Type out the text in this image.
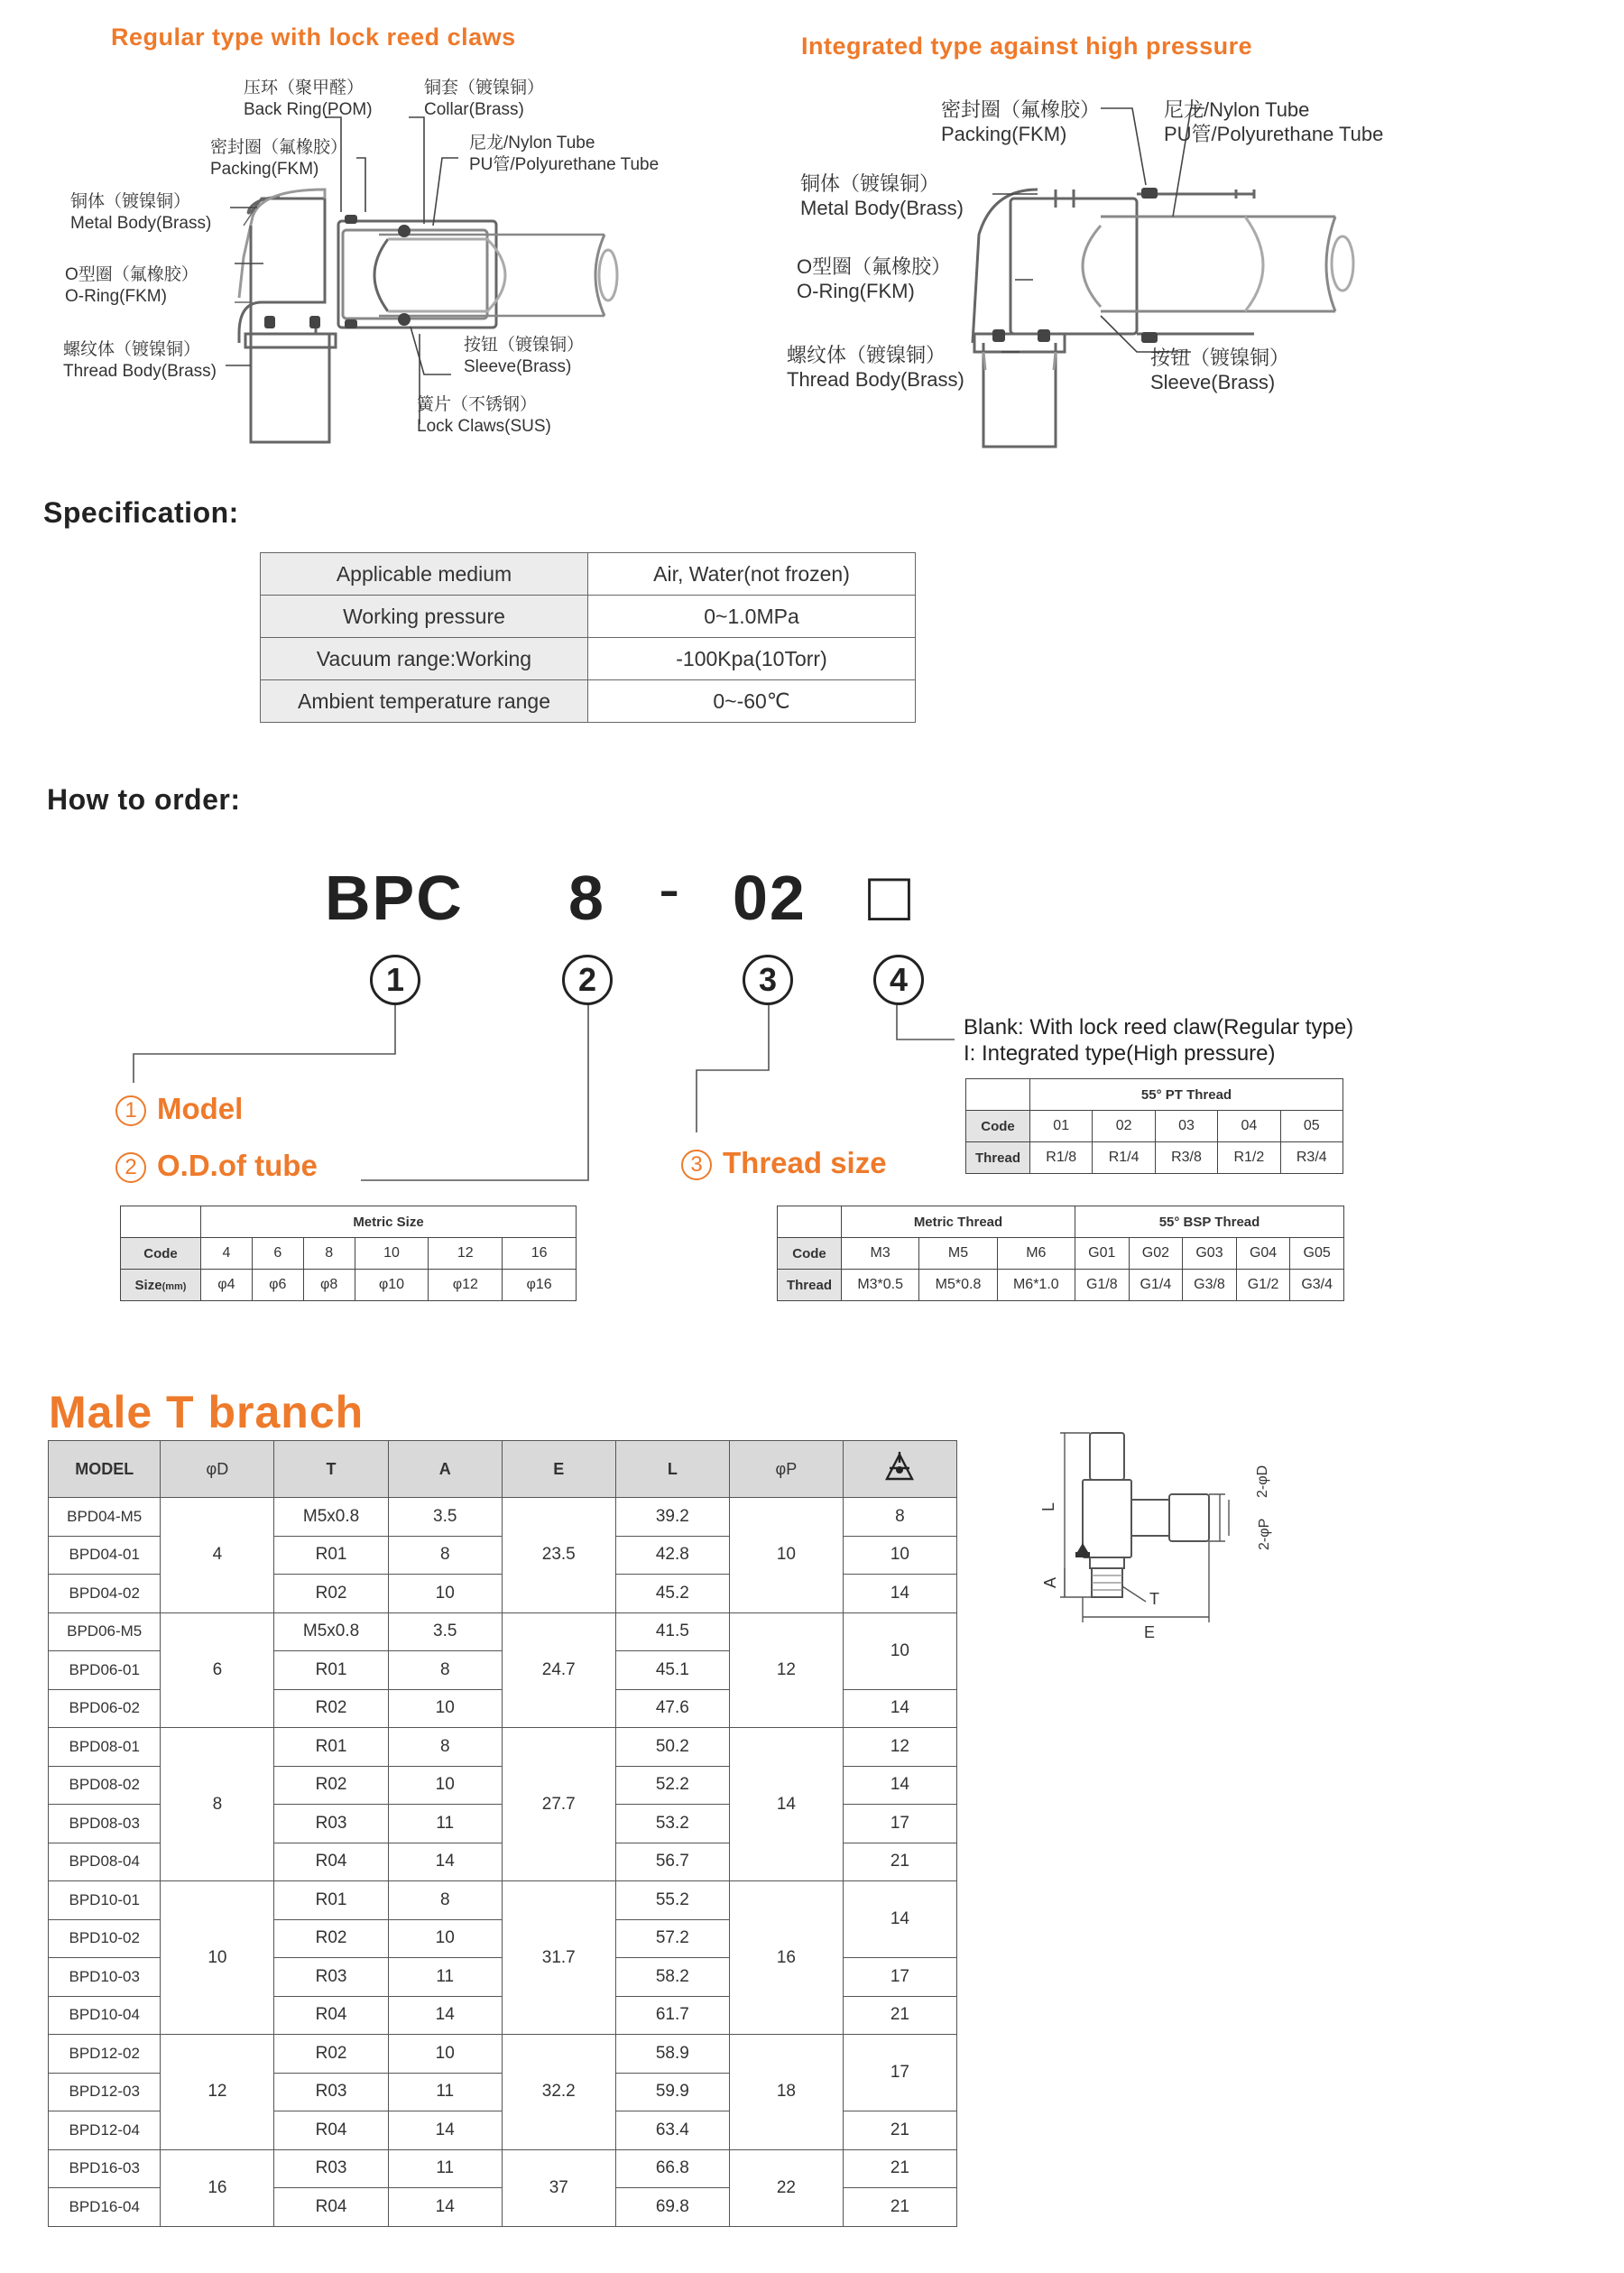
Regular type with lock reed claws
压环（聚甲醛）
Back Ring(POM)
铜套（镀镍铜）
Collar(Brass)
密封圈（氟橡胶）
Packing(FKM)
尼龙/Nylon Tube
PU管/Polyurethane Tube
铜体（镀镍铜）
Metal Body(Brass)
O型圈（氟橡胶）
O-Ring(FKM)
螺纹体（镀镍铜）
Thread Body(Brass)
按钮（镀镍铜）
Sleeve(Brass)
簧片（不锈钢）
Lock Claws(SUS)
Integrated type against high pressure
密封圈（氟橡胶）
Packing(FKM)
尼龙/Nylon Tube
PU管/Polyurethane Tube
铜体（镀镍铜）
Metal Body(Brass)
O型圈（氟橡胶）
O-Ring(FKM)
螺纹体（镀镍铜）
Thread Body(Brass)
按钮（镀镍铜）
Sleeve(Brass)
Specification:
Applicable medium	Air, Water(not frozen)
Working pressure	0~1.0MPa
Vacuum range:Working	-100Kpa(10Torr)
Ambient temperature range	0~-60℃
How to order:
BPC 8 - 02 □
1	2	3	4
Blank: With lock reed claw(Regular type)
I: Integrated type(High pressure)
1 Model
2 O.D.of tube	3 Thread size
	55° PT Thread				
Code	01	02	03	04	05
Thread	R1/8	R1/4	R3/8	R1/2	R3/4
	Metric Size					
Code	4	6	8	10	12	16
Size(mm)	φ4	φ6	φ8	φ10	φ12	φ16
	Metric Thread			55° BSP Thread				
Code	M3	M5	M6	G01	G02	G03	G04	G05
Thread	M3*0.5	M5*0.8	M6*1.0	G1/8	G1/4	G3/8	G1/2	G3/4
Male T branch
MODEL	φD	T	A	E	L	φP	
BPD04-M5	4	M5x0.8	3.5	23.5	39.2	10	8
BPD04-01		R01	8		42.8		10
BPD04-02		R02	10		45.2		14
BPD06-M5	6	M5x0.8	3.5	24.7	41.5	12	10
BPD06-01		R01	8		45.1		
BPD06-02		R02	10		47.6		14
BPD08-01	8	R01	8	27.7	50.2	14	12
BPD08-02		R02	10		52.2		14
BPD08-03		R03	11		53.2		17
BPD08-04		R04	14		56.7		21
BPD10-01	10	R01	8	31.7	55.2	16	14
BPD10-02		R02	10		57.2		
BPD10-03		R03	11		58.2		17
BPD10-04		R04	14		61.7		21
BPD12-02	12	R02	10	32.2	58.9	18	17
BPD12-03		R03	11		59.9		
BPD12-04		R04	14		63.4		21
BPD16-03	16	R03	11	37	66.8	22	21
BPD16-04		R04	14		69.8		21
L
A
E
T
2-φD
2-φP
